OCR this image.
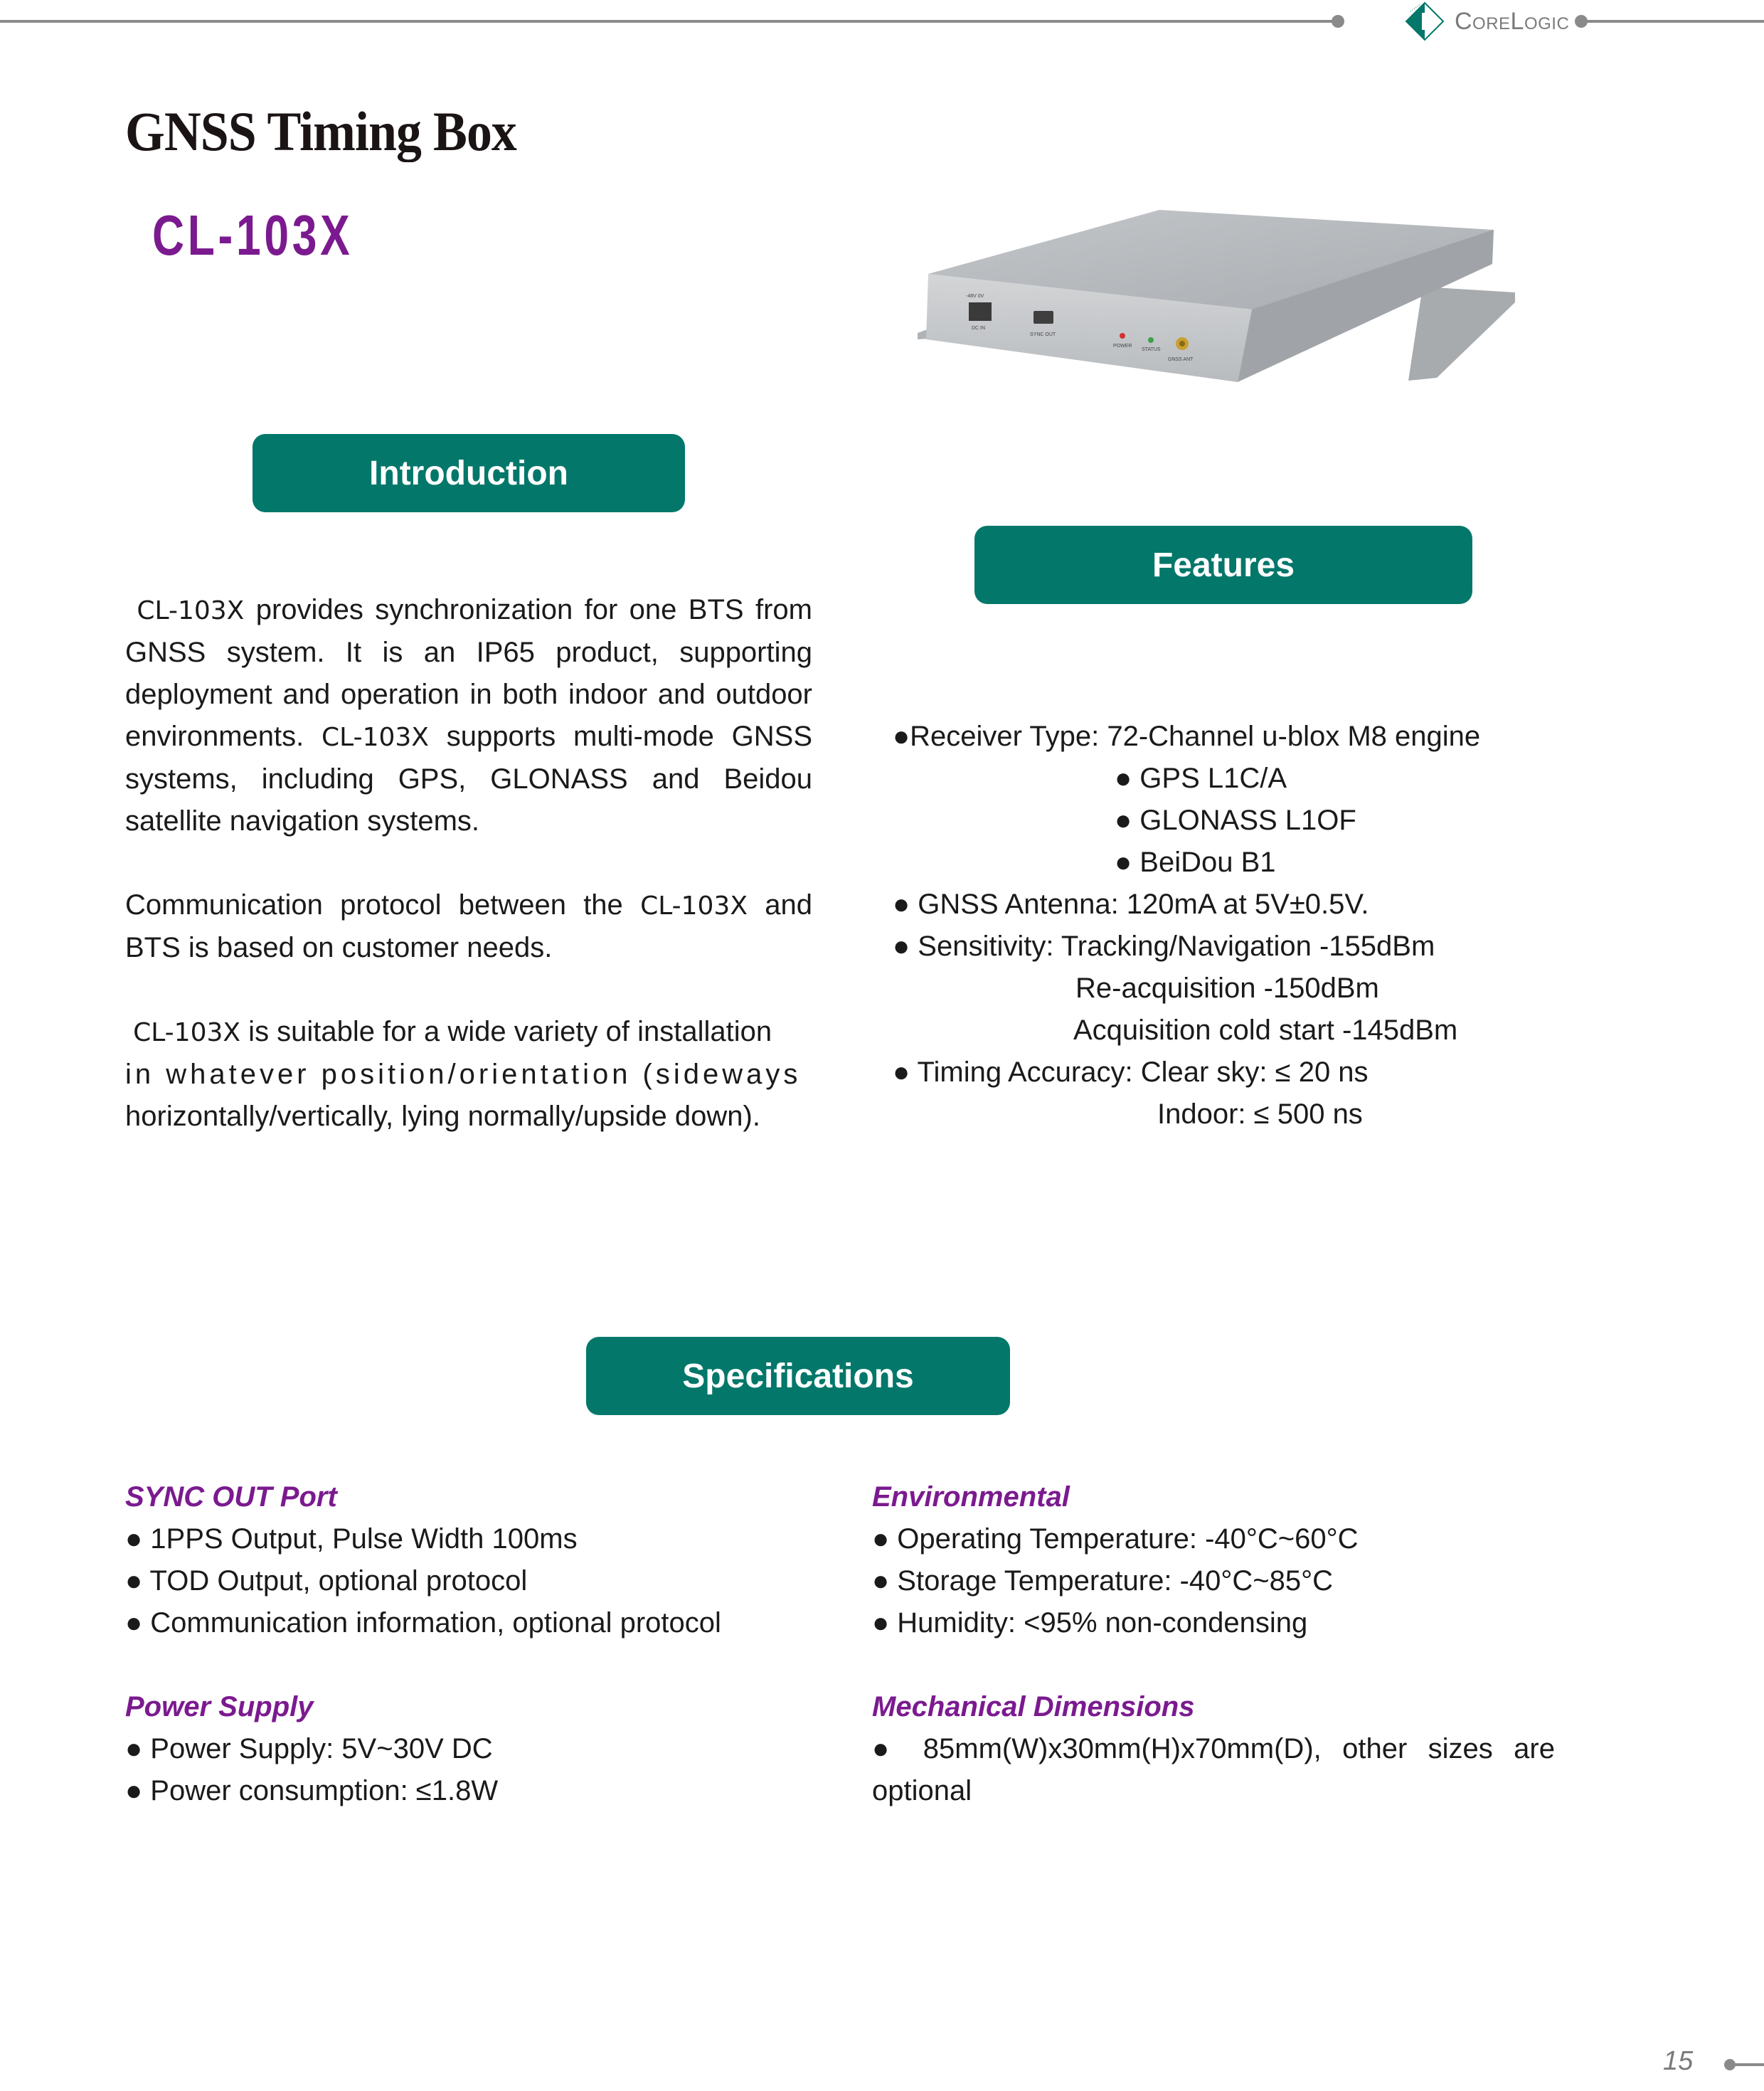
CoreLogic
GNSS Timing Box
CL-103X
-48V 0V
DC IN
SYNC OUT
POWER
STATUS
GNSS ANT
Introduction
Features
Specifications

CL-103X provides synchronization for one BTS from GNSS system. It is an IP65 product, supporting deployment and operation in both indoor and outdoor environments. CL-103X supports multi-mode GNSS systems, including GPS, GLONASS and Beidou satellite navigation systems.

Communication protocol between the CL-103X and BTS is based on customer needs.

CL-103X is suitable for a wide variety of installation
in whatever position/orientation (sideways
horizontally/vertically, lying normally/upside down).
●Receiver Type: 72-Channel u-blox M8 engine
● GPS L1C/A
● GLONASS L1OF
● BeiDou B1
● GNSS Antenna: 120mA at 5V±0.5V.
● Sensitivity: Tracking/Navigation -155dBm
Re-acquisition -150dBm
Acquisition cold start -145dBm
● Timing Accuracy: Clear sky: ≤ 20 ns
Indoor: ≤ 500 ns
SYNC OUT Port
● 1PPS Output, Pulse Width 100ms
● TOD Output, optional protocol
● Communication information, optional protocol
Power Supply
● Power Supply: 5V~30V DC
● Power consumption: ≤1.8W
Environmental
● Operating Temperature: -40°C~60°C
● Storage Temperature: -40°C~85°C
● Humidity: <95% non-condensing
Mechanical Dimensions
● 85mm(W)x30mm(H)x70mm(D), other sizes are optional
15
